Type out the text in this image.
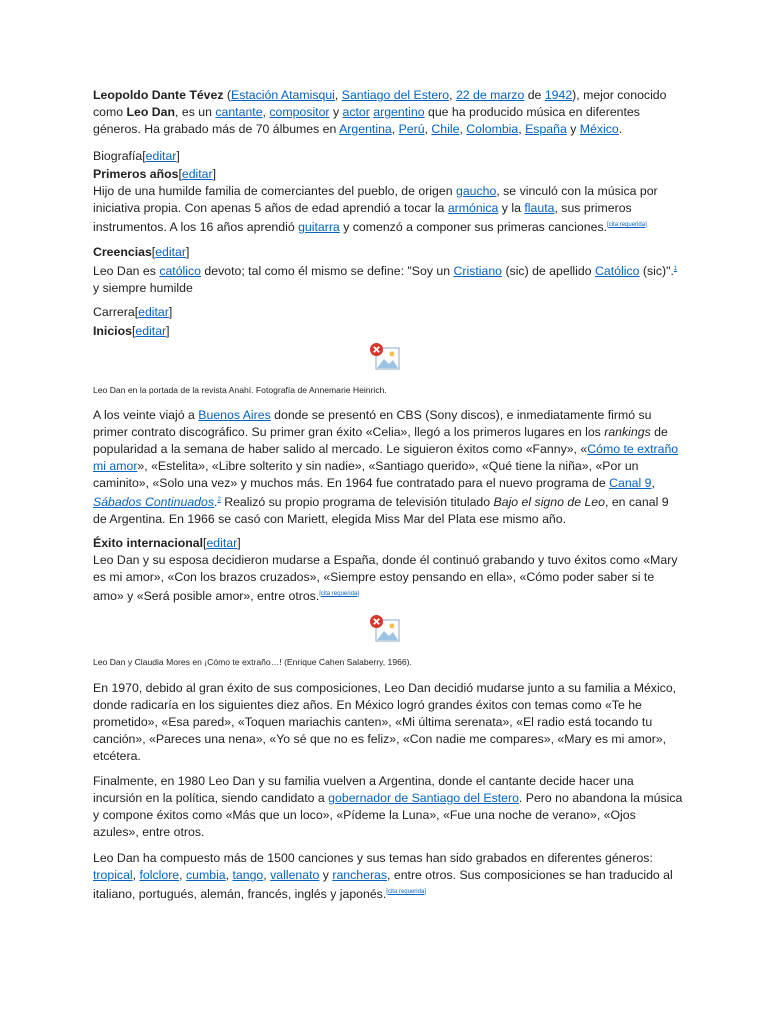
Leopoldo Dante Tévez (Estación Atamisqui, Santiago del Estero, 22 de marzo de 1942), mejor conocido como Leo Dan, es un cantante, compositor y actor argentino que ha producido música en diferentes géneros. Ha grabado más de 70 álbumes en Argentina, Perú, Chile, Colombia, España y México.

Biografía[editar]

Primeros años[editar]

Hijo de una humilde familia de comerciantes del pueblo, de origen gaucho, se vinculó con la música por iniciativa propia. Con apenas 5 años de edad aprendió a tocar la armónica y la flauta, sus primeros instrumentos. A los 16 años aprendió guitarra y comenzó a componer sus primeras canciones.[cita requerida]

Creencias[editar]

Leo Dan es católico devoto; tal como él mismo se define: "Soy un Cristiano (sic) de apellido Católico (sic)".$^1$ y siempre humilde

Carrera[editar]

Inicios[editar]

Leo Dan en la portada de la revista Anahí. Fotografía de Annemarie Heinrich.

A los veinte viajó a Buenos Aires donde se presentó en CBS (Sony discos), e inmediatamente firmó su primer contrato discográfico. Su primer gran éxito «Celia», llegó a los primeros lugares en los rankings de popularidad a la semana de haber salido al mercado. Le siguieron éxitos como «Fanny», «Cómo te extraño mi amor», «Estelita», «Libre solterito y sin nadie», «Santiago querido», «Qué tiene la niña», «Por un caminito», «Solo una vez» y muchos más. En 1964 fue contratado para el nuevo programa de Canal 9, Sábados Continuados.$^2$ Realizó su propio programa de televisión titulado Bajo el signo de Leo, en canal 9 de Argentina. En 1966 se casó con Mariett, elegida Miss Mar del Plata ese mismo año.

Éxito internacional[editar]

Leo Dan y su esposa decidieron mudarse a España, donde él continuó grabando y tuvo éxitos como «Mary es mi amor», «Con los brazos cruzados», «Siempre estoy pensando en ella», «Cómo poder saber si te amo» y «Será posible amor», entre otros.[cita requerida]

Leo Dan y Claudia Mores en ¡Cómo te extraño…! (Enrique Cahen Salaberry, 1966).

En 1970, debido al gran éxito de sus composiciones, Leo Dan decidió mudarse junto a su familia a México, donde radicaría en los siguientes diez años. En México logró grandes éxitos con temas como «Te he prometido», «Esa pared», «Toquen mariachis canten», «Mi última serenata», «El radio está tocando tu canción», «Pareces una nena», «Yo sé que no es feliz», «Con nadie me compares», «Mary es mi amor», etcétera.

Finalmente, en 1980 Leo Dan y su familia vuelven a Argentina, donde el cantante decide hacer una incursión en la política, siendo candidato a gobernador de Santiago del Estero. Pero no abandona la música y compone éxitos como «Más que un loco», «Pídeme la Luna», «Fue una noche de verano», «Ojos azules», entre otros.

Leo Dan ha compuesto más de 1500 canciones y sus temas han sido grabados en diferentes géneros: tropical, folclore, cumbia, tango, vallenato y rancheras, entre otros. Sus composiciones se han traducido al italiano, portugués, alemán, francés, inglés y japonés.[cita requerida]
